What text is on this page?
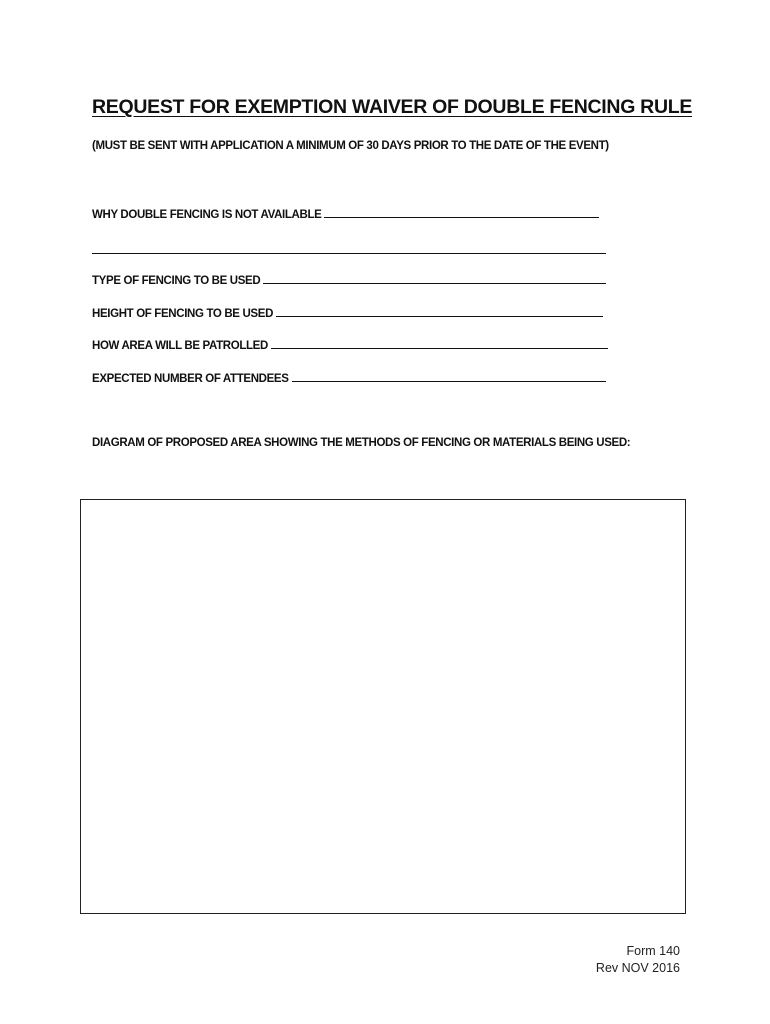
REQUEST FOR EXEMPTION WAIVER OF DOUBLE FENCING RULE
(MUST BE SENT WITH APPLICATION A MINIMUM OF 30 DAYS PRIOR TO THE DATE OF THE EVENT)
WHY DOUBLE FENCING IS NOT AVAILABLE
TYPE OF FENCING TO BE USED
HEIGHT OF FENCING TO BE USED
HOW AREA WILL BE PATROLLED
EXPECTED NUMBER OF ATTENDEES
DIAGRAM OF PROPOSED AREA SHOWING THE METHODS OF FENCING OR MATERIALS BEING USED:
Form 140
Rev NOV 2016
